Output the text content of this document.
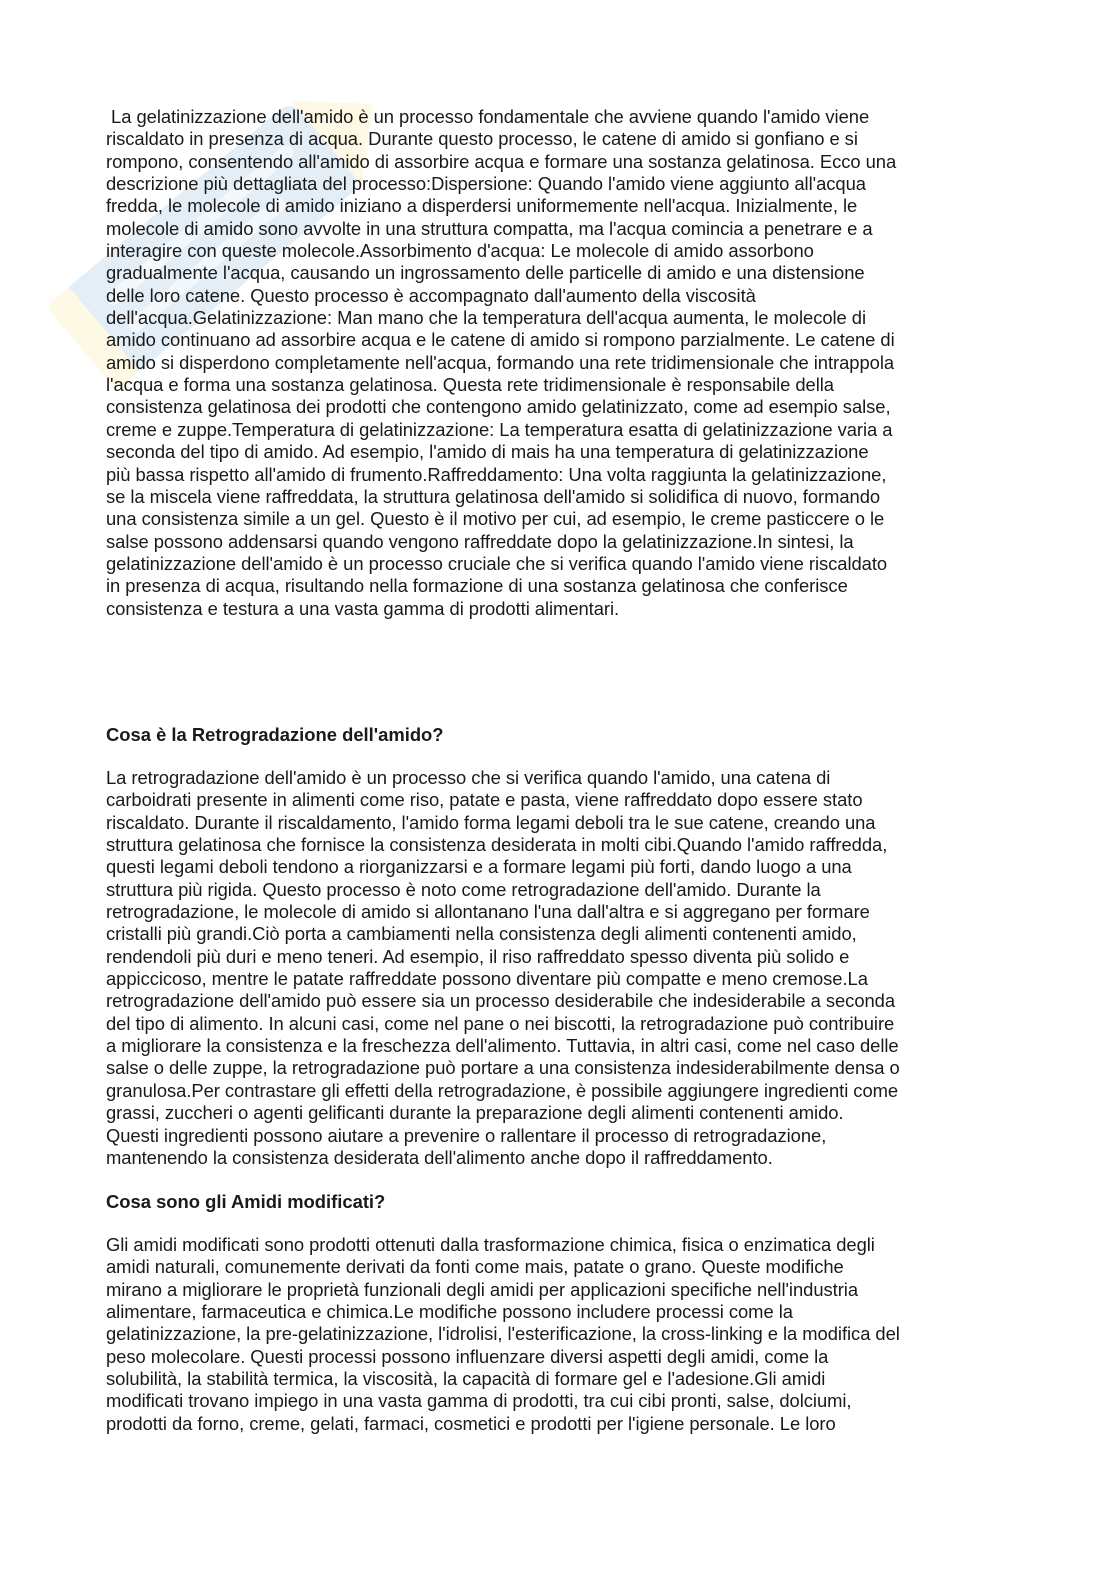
La gelatinizzazione dell'amido è un processo fondamentale che avviene quando l'amido viene
riscaldato in presenza di acqua. Durante questo processo, le catene di amido si gonfiano e si
rompono, consentendo all'amido di assorbire acqua e formare una sostanza gelatinosa. Ecco una
descrizione più dettagliata del processo:Dispersione: Quando l'amido viene aggiunto all'acqua
fredda, le molecole di amido iniziano a disperdersi uniformemente nell'acqua. Inizialmente, le
molecole di amido sono avvolte in una struttura compatta, ma l'acqua comincia a penetrare e a
interagire con queste molecole.Assorbimento d'acqua: Le molecole di amido assorbono
gradualmente l'acqua, causando un ingrossamento delle particelle di amido e una distensione
delle loro catene. Questo processo è accompagnato dall'aumento della viscosità
dell'acqua.Gelatinizzazione: Man mano che la temperatura dell'acqua aumenta, le molecole di
amido continuano ad assorbire acqua e le catene di amido si rompono parzialmente. Le catene di
amido si disperdono completamente nell'acqua, formando una rete tridimensionale che intrappola
l'acqua e forma una sostanza gelatinosa. Questa rete tridimensionale è responsabile della
consistenza gelatinosa dei prodotti che contengono amido gelatinizzato, come ad esempio salse,
creme e zuppe.Temperatura di gelatinizzazione: La temperatura esatta di gelatinizzazione varia a
seconda del tipo di amido. Ad esempio, l'amido di mais ha una temperatura di gelatinizzazione
più bassa rispetto all'amido di frumento.Raffreddamento: Una volta raggiunta la gelatinizzazione,
se la miscela viene raffreddata, la struttura gelatinosa dell'amido si solidifica di nuovo, formando
una consistenza simile a un gel. Questo è il motivo per cui, ad esempio, le creme pasticcere o le
salse possono addensarsi quando vengono raffreddate dopo la gelatinizzazione.In sintesi, la
gelatinizzazione dell'amido è un processo cruciale che si verifica quando l'amido viene riscaldato
in presenza di acqua, risultando nella formazione di una sostanza gelatinosa che conferisce
consistenza e testura a una vasta gamma di prodotti alimentari.
Cosa è la Retrogradazione dell'amido?
La retrogradazione dell'amido è un processo che si verifica quando l'amido, una catena di
carboidrati presente in alimenti come riso, patate e pasta, viene raffreddato dopo essere stato
riscaldato. Durante il riscaldamento, l'amido forma legami deboli tra le sue catene, creando una
struttura gelatinosa che fornisce la consistenza desiderata in molti cibi.Quando l'amido raffredda,
questi legami deboli tendono a riorganizzarsi e a formare legami più forti, dando luogo a una
struttura più rigida. Questo processo è noto come retrogradazione dell'amido. Durante la
retrogradazione, le molecole di amido si allontanano l'una dall'altra e si aggregano per formare
cristalli più grandi.Ciò porta a cambiamenti nella consistenza degli alimenti contenenti amido,
rendendoli più duri e meno teneri. Ad esempio, il riso raffreddato spesso diventa più solido e
appiccicoso, mentre le patate raffreddate possono diventare più compatte e meno cremose.La
retrogradazione dell'amido può essere sia un processo desiderabile che indesiderabile a seconda
del tipo di alimento. In alcuni casi, come nel pane o nei biscotti, la retrogradazione può contribuire
a migliorare la consistenza e la freschezza dell'alimento. Tuttavia, in altri casi, come nel caso delle
salse o delle zuppe, la retrogradazione può portare a una consistenza indesiderabilmente densa o
granulosa.Per contrastare gli effetti della retrogradazione, è possibile aggiungere ingredienti come
grassi, zuccheri o agenti gelificanti durante la preparazione degli alimenti contenenti amido.
Questi ingredienti possono aiutare a prevenire o rallentare il processo di retrogradazione,
mantenendo la consistenza desiderata dell'alimento anche dopo il raffreddamento.
Cosa sono gli Amidi modificati?
Gli amidi modificati sono prodotti ottenuti dalla trasformazione chimica, fisica o enzimatica degli
amidi naturali, comunemente derivati da fonti come mais, patate o grano. Queste modifiche
mirano a migliorare le proprietà funzionali degli amidi per applicazioni specifiche nell'industria
alimentare, farmaceutica e chimica.Le modifiche possono includere processi come la
gelatinizzazione, la pre-gelatinizzazione, l'idrolisi, l'esterificazione, la cross-linking e la modifica del
peso molecolare. Questi processi possono influenzare diversi aspetti degli amidi, come la
solubilità, la stabilità termica, la viscosità, la capacità di formare gel e l'adesione.Gli amidi
modificati trovano impiego in una vasta gamma di prodotti, tra cui cibi pronti, salse, dolciumi,
prodotti da forno, creme, gelati, farmaci, cosmetici e prodotti per l'igiene personale. Le loro
